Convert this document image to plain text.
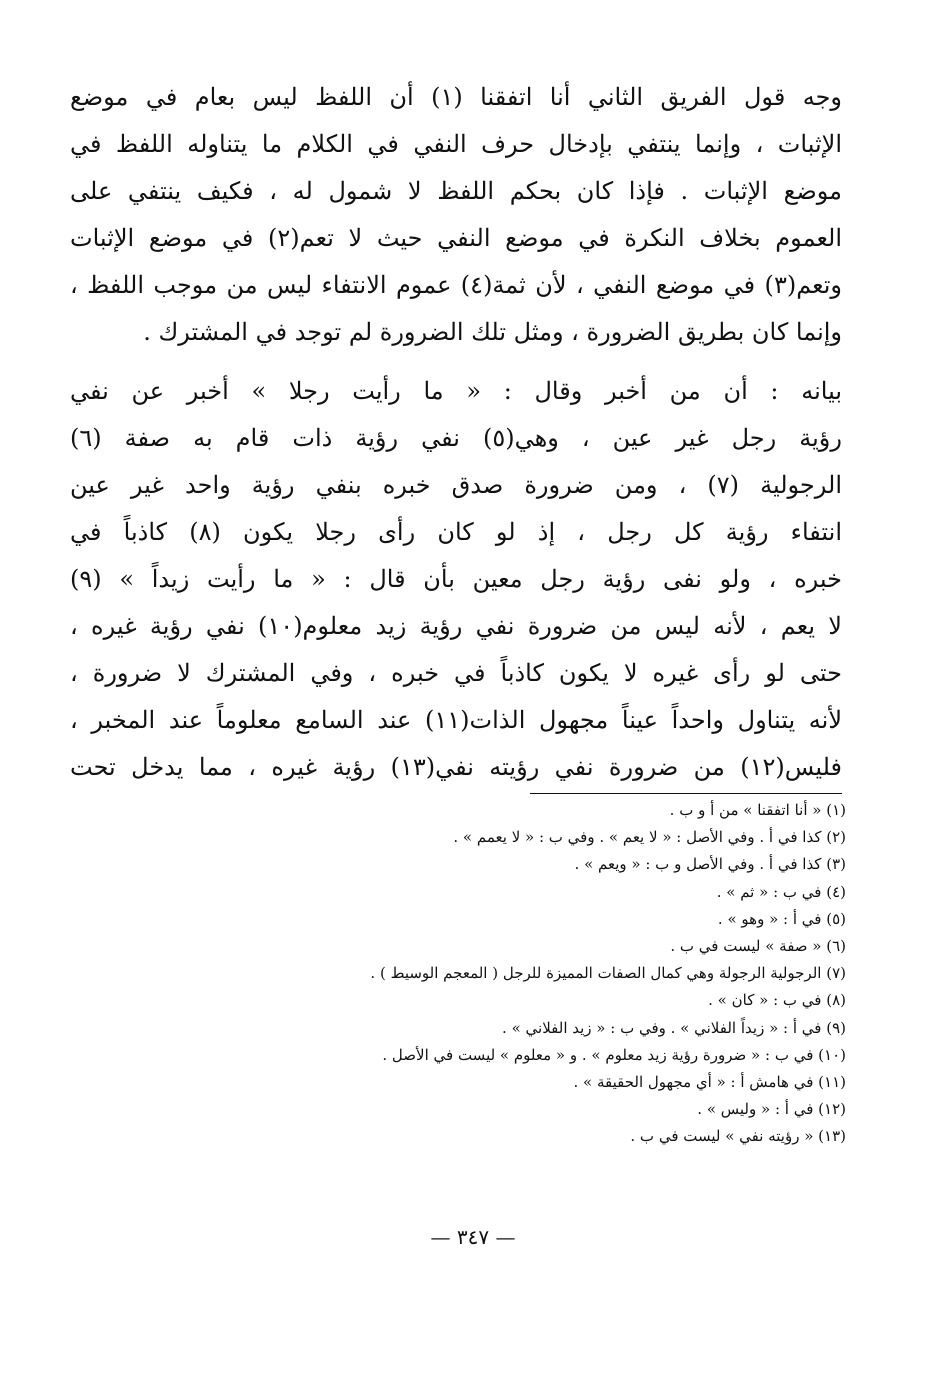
وجه قول الفريق الثاني أنا اتفقنا (١) أن اللفظ ليس بعام في موضع
الإثبات ، وإنما ينتفي بإدخال حرف النفي في الكلام ما يتناوله اللفظ في
موضع الإثبات . فإذا كان بحكم اللفظ لا شمول له ، فكيف ينتفي على
العموم بخلاف النكرة في موضع النفي حيث لا تعم(٢) في موضع الإثبات
وتعم(٣) في موضع النفي ، لأن ثمة(٤) عموم الانتفاء ليس من موجب اللفظ ،
وإنما كان بطريق الضرورة ، ومثل تلك الضرورة لم توجد في المشترك .
بيانه : أن من أخبر وقال : « ما رأيت رجلا » أخبر عن نفي
رؤية رجل غير عين ، وهي(٥) نفي رؤية ذات قام به صفة (٦)
الرجولية (٧) ، ومن ضرورة صدق خبره بنفي رؤية واحد غير عين
انتفاء رؤية كل رجل ، إذ لو كان رأى رجلا يكون (٨) كاذباً في
خبره ، ولو نفى رؤية رجل معين بأن قال : « ما رأيت زيداً » (٩)
لا يعم ، لأنه ليس من ضرورة نفي رؤية زيد معلوم(١٠) نفي رؤية غيره ،
حتى لو رأى غيره لا يكون كاذباً في خبره ، وفي المشترك لا ضرورة ،
لأنه يتناول واحداً عيناً مجهول الذات(١١) عند السامع معلوماً عند المخبر ،
فليس(١٢) من ضرورة نفي رؤيته نفي(١٣) رؤية غيره ، مما يدخل تحت
(١) « أنا اتفقنا » من أ و ب .
(٢) كذا في أ . وفي الأصل : « لا يعم » . وفي ب : « لا يعمم » .
(٣) كذا في أ . وفي الأصل و ب : « ويعم » .
(٤) في ب : « ثم » .
(٥) في أ : « وهو » .
(٦) « صفة » ليست في ب .
(٧) الرجولية الرجولة وهي كمال الصفات المميزة للرجل ( المعجم الوسيط ) .
(٨) في ب : « كان » .
(٩) في أ : « زيداً الفلاني » . وفي ب : « زيد الفلاني » .
(١٠) في ب : « ضرورة رؤية زيد معلوم » . و « معلوم » ليست في الأصل .
(١١) في هامش أ : « أي مجهول الحقيقة » .
(١٢) في أ : « وليس » .
(١٣) « رؤيته نفي » ليست في ب .
— ٣٤٧ —
